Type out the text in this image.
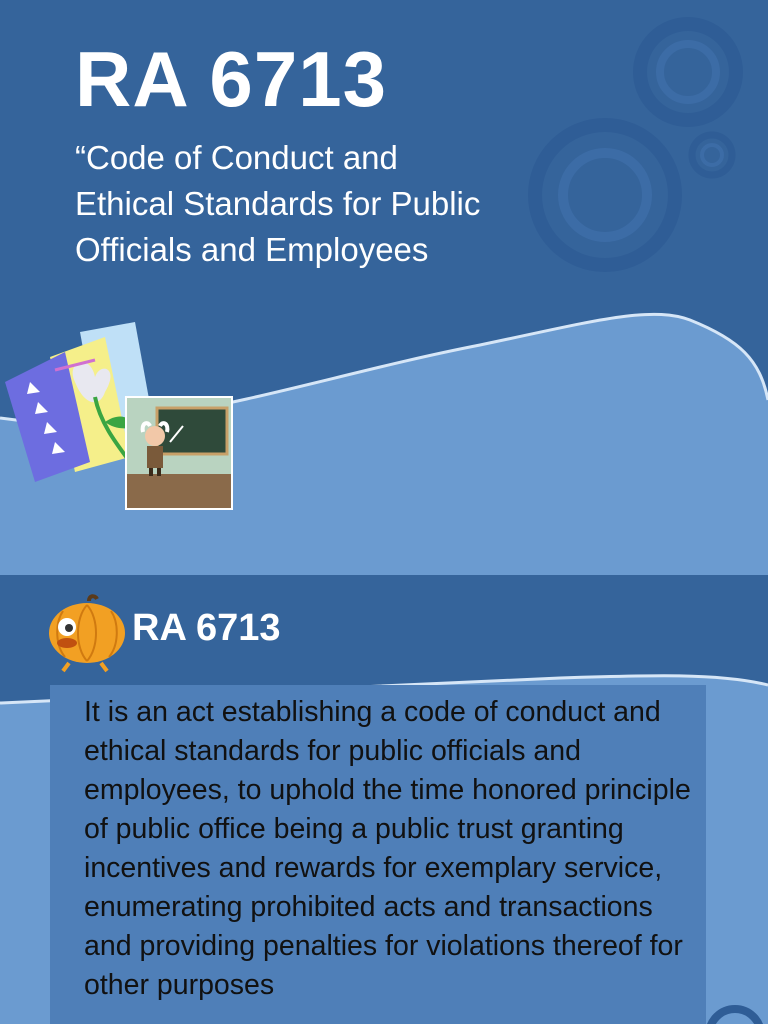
RA 6713

“Code of Conduct and Ethical Standards for Public Officials and Employees

RA 6713

It is an act establishing a code of conduct and ethical standards for public officials and employees, to uphold the time honored principle of public office being a public trust granting incentives and rewards for exemplary service, enumerating prohibited acts and transactions and providing penalties for violations thereof for other purposes
